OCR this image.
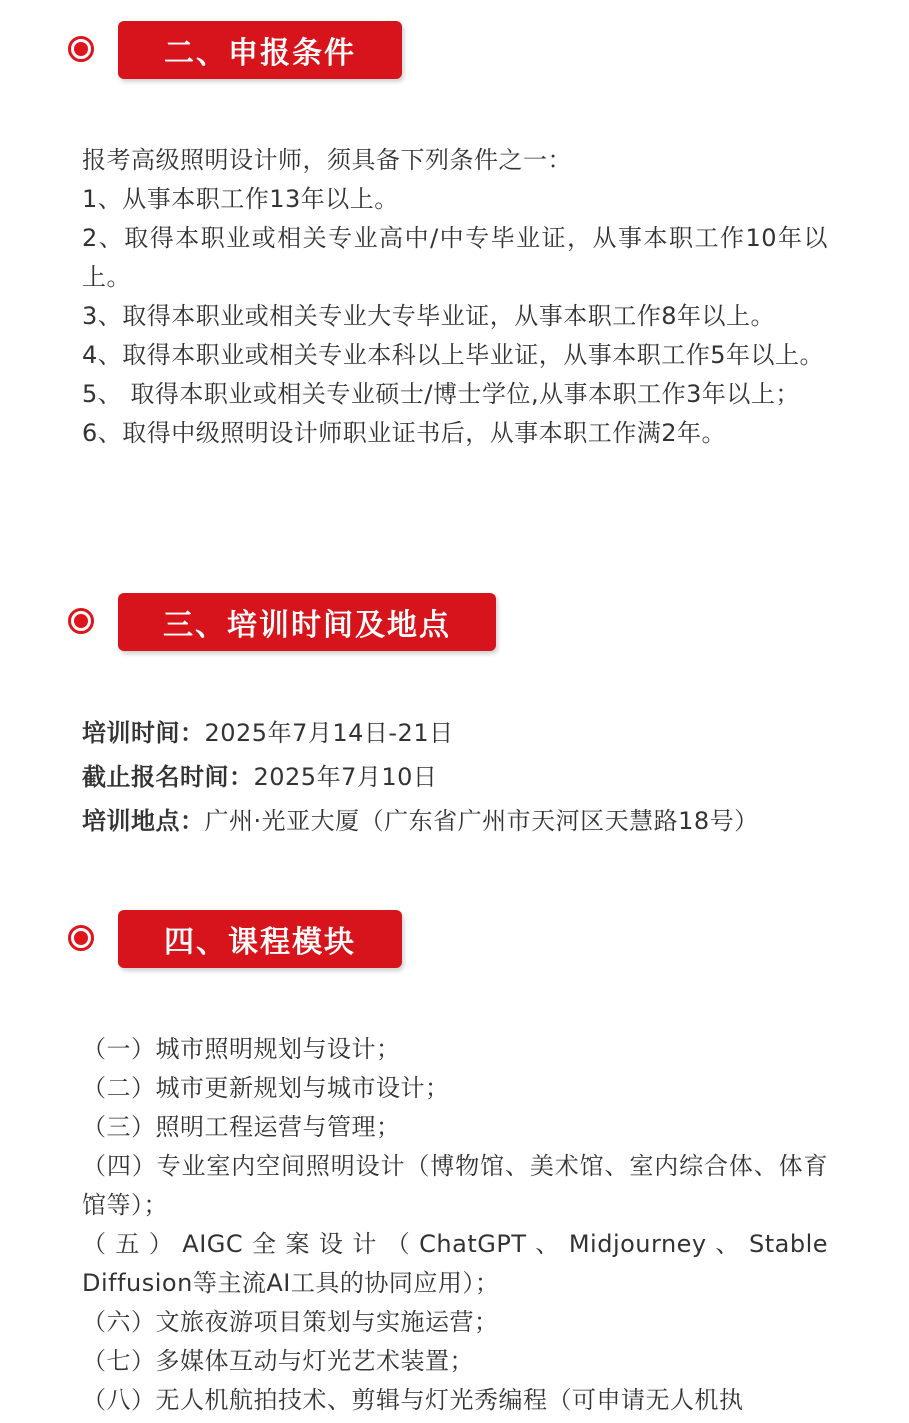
二、申报条件

报考高级照明设计师，须具备下列条件之一：

1、从事本职工作13年以上。

2、取得本职业或相关专业高中/中专毕业证，从事本职工作10年以上。

3、取得本职业或相关专业大专毕业证，从事本职工作8年以上。

4、取得本职业或相关专业本科以上毕业证，从事本职工作5年以上。

5、 取得本职业或相关专业硕士/博士学位,从事本职工作3年以上；

6、取得中级照明设计师职业证书后，从事本职工作满2年。

三、培训时间及地点

培训时间：2025年7月14日-21日

截止报名时间：2025年7月10日

培训地点：广州·光亚大厦（广东省广州市天河区天慧路18号）

四、课程模块

（一）城市照明规划与设计；

（二）城市更新规划与城市设计；

（三）照明工程运营与管理；

（四）专业室内空间照明设计（博物馆、美术馆、室内综合体、体育馆等）；

（五）AIGC全案设计（ChatGPT、Midjourney、Stable Diffusion等主流AI工具的协同应用）；

（六）文旅夜游项目策划与实施运营；

（七）多媒体互动与灯光艺术装置；

（八）无人机航拍技术、剪辑与灯光秀编程（可申请无人机执
